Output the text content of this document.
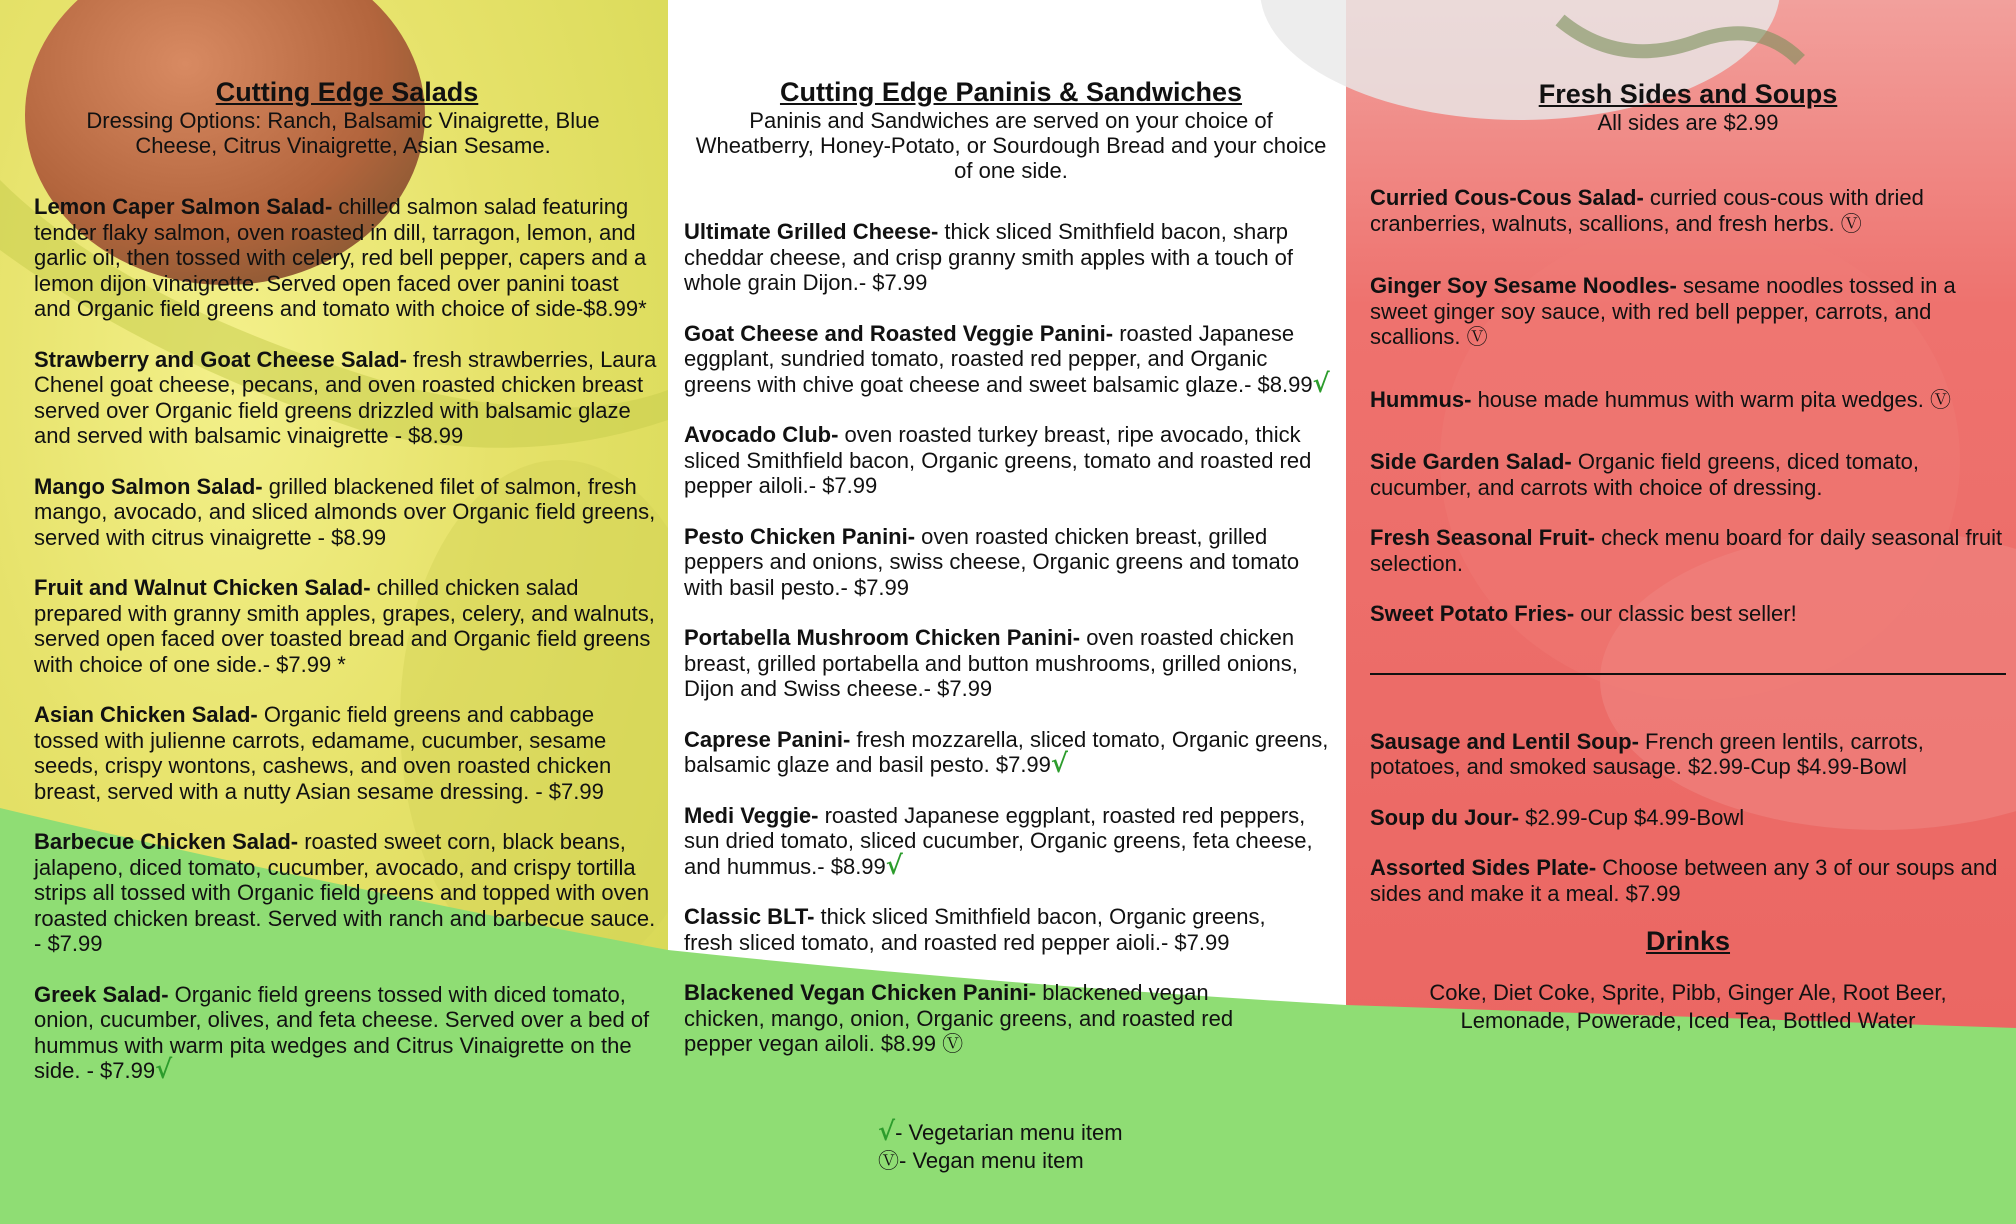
Cutting Edge Salads

Dressing Options: Ranch, Balsamic Vinaigrette, Blue Cheese, Citrus Vinaigrette, Asian Sesame.

Lemon Caper Salmon Salad- chilled salmon salad featuring tender flaky salmon, oven roasted in dill, tarragon, lemon, and garlic oil, then tossed with celery, red bell pepper, capers and a lemon dijon vinaigrette. Served open faced over panini toast and Organic field greens and tomato with choice of side-$8.99*

Strawberry and Goat Cheese Salad- fresh strawberries, Laura Chenel goat cheese, pecans, and oven roasted chicken breast served over Organic field greens drizzled with balsamic glaze and served with balsamic vinaigrette - $8.99

Mango Salmon Salad- grilled blackened filet of salmon, fresh mango, avocado, and sliced almonds over Organic field greens, served with citrus vinaigrette - $8.99

Fruit and Walnut Chicken Salad- chilled chicken salad prepared with granny smith apples, grapes, celery, and walnuts, served open faced over toasted bread and Organic field greens with choice of one side.- $7.99 *

Asian Chicken Salad- Organic field greens and cabbage tossed with julienne carrots, edamame, cucumber, sesame seeds, crispy wontons, cashews, and oven roasted chicken breast, served with a nutty Asian sesame dressing. - $7.99

Barbecue Chicken Salad- roasted sweet corn, black beans, jalapeno, diced tomato, cucumber, avocado, and crispy tortilla strips all tossed with Organic field greens and topped with oven roasted chicken breast. Served with ranch and barbecue sauce. - $7.99

Greek Salad- Organic field greens tossed with diced tomato, onion, cucumber, olives, and feta cheese. Served over a bed of hummus with warm pita wedges and Citrus Vinaigrette on the side. - $7.99√

Cutting Edge Paninis & Sandwiches

Paninis and Sandwiches are served on your choice of Wheatberry, Honey-Potato, or Sourdough Bread and your choice of one side.

Ultimate Grilled Cheese- thick sliced Smithfield bacon, sharp cheddar cheese, and crisp granny smith apples with a touch of whole grain Dijon.- $7.99

Goat Cheese and Roasted Veggie Panini- roasted Japanese eggplant, sundried tomato, roasted red pepper, and Organic greens with chive goat cheese and sweet balsamic glaze.- $8.99√

Avocado Club- oven roasted turkey breast, ripe avocado, thick sliced Smithfield bacon, Organic greens, tomato and roasted red pepper ailoli.- $7.99

Pesto Chicken Panini- oven roasted chicken breast, grilled peppers and onions, swiss cheese, Organic greens and tomato with basil pesto.- $7.99

Portabella Mushroom Chicken Panini- oven roasted chicken breast, grilled portabella and button mushrooms, grilled onions, Dijon and Swiss cheese.- $7.99

Caprese Panini- fresh mozzarella, sliced tomato, Organic greens, balsamic glaze and basil pesto. $7.99√

Medi Veggie- roasted Japanese eggplant, roasted red peppers, sun dried tomato, sliced cucumber, Organic greens, feta cheese, and hummus.- $8.99√

Classic BLT- thick sliced Smithfield bacon, Organic greens, fresh sliced tomato, and roasted red pepper aioli.- $7.99

Blackened Vegan Chicken Panini- blackened vegan chicken, mango, onion, Organic greens, and roasted red pepper vegan ailoli. $8.99 Ⓥ

√- Vegetarian menu item
Ⓥ- Vegan menu item
Fresh Sides and Soups

All sides are $2.99

Curried Cous-Cous Salad- curried cous-cous with dried cranberries, walnuts, scallions, and fresh herbs. Ⓥ

Ginger Soy Sesame Noodles- sesame noodles tossed in a sweet ginger soy sauce, with red bell pepper, carrots, and scallions. Ⓥ

Hummus- house made hummus with warm pita wedges. Ⓥ

Side Garden Salad- Organic field greens, diced tomato, cucumber, and carrots with choice of dressing.

Fresh Seasonal Fruit- check menu board for daily seasonal fruit selection.

Sweet Potato Fries- our classic best seller!

Sausage and Lentil Soup- French green lentils, carrots, potatoes, and smoked sausage. $2.99-Cup $4.99-Bowl

Soup du Jour- $2.99-Cup $4.99-Bowl

Assorted Sides Plate- Choose between any 3 of our soups and sides and make it a meal. $7.99

Drinks
Coke, Diet Coke, Sprite, Pibb, Ginger Ale, Root Beer, Lemonade, Powerade, Iced Tea, Bottled Water
